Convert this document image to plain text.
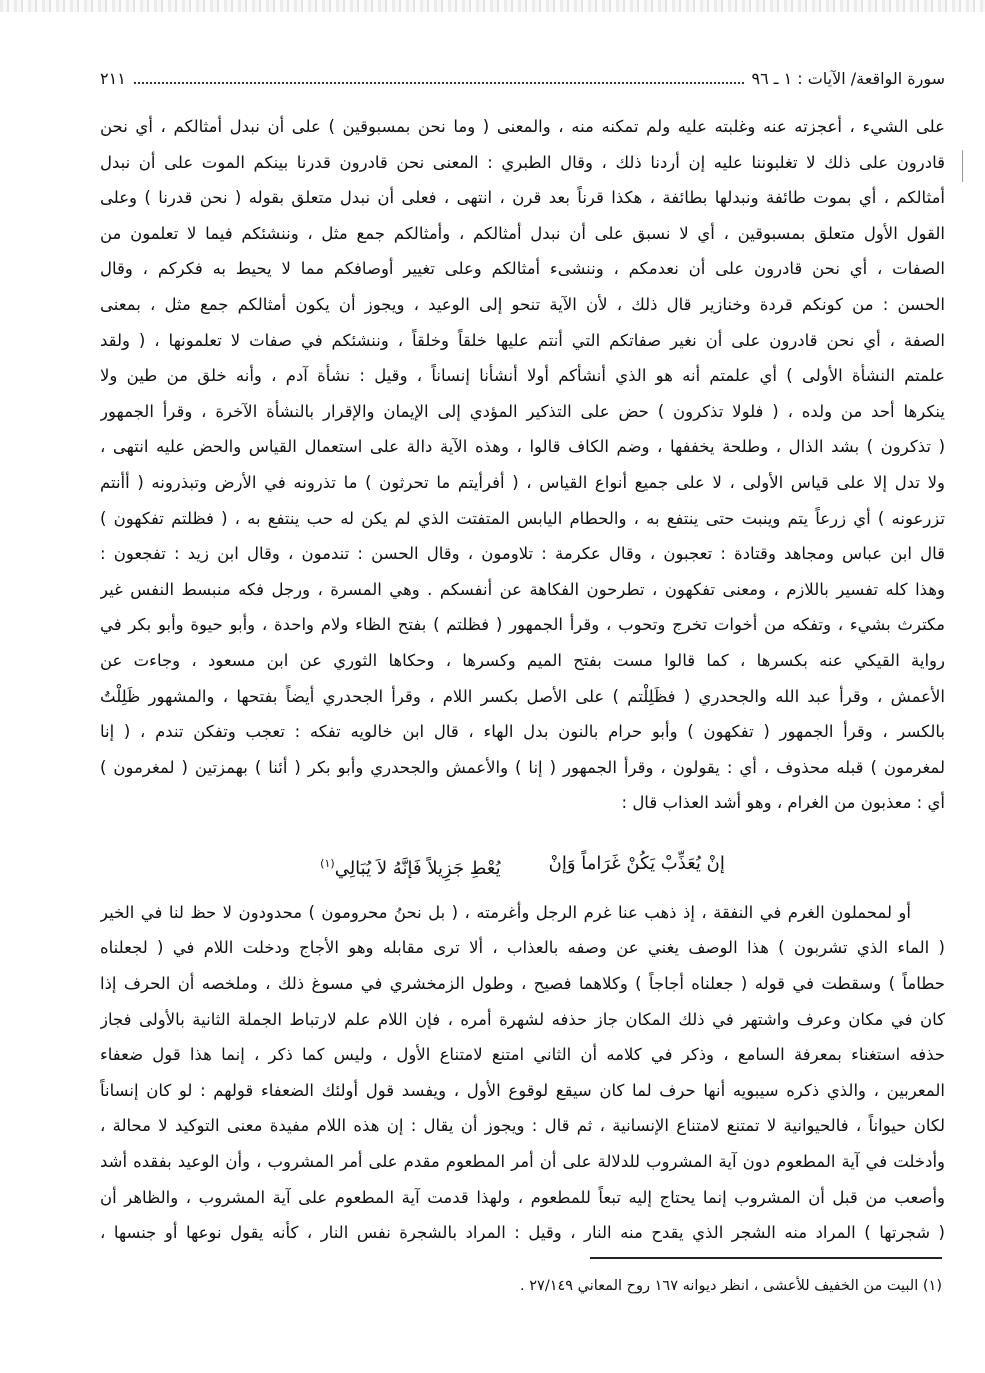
سورة الواقعة/ الآيات : ١ ـ ٩٦
٢١١
على الشيء ، أعجزته عنه وغلبته عليه ولم تمكنه منه ، والمعنى ( وما نحن بمسبوقين ) على أن نبدل أمثالكم ، أي نحن
قادرون على ذلك لا تغلبوننا عليه إن أردنا ذلك ، وقال الطبري : المعنى نحن قادرون قدرنا بينكم الموت على أن نبدل
أمثالكم ، أي بموت طائفة ونبدلها بطائفة ، هكذا قرناً بعد قرن ، انتهى ، فعلى أن نبدل متعلق بقوله ( نحن قدرنا ) وعلى
القول الأول متعلق بمسبوقين ، أي لا نسبق على أن نبدل أمثالكم ، وأمثالكم جمع مثل ، وننشئكم فيما لا تعلمون من
الصفات ، أي نحن قادرون على أن نعدمكم ، وننشىء أمثالكم وعلى تغيير أوصافكم مما لا يحيط به فكركم ، وقال
الحسن : من كونكم قردة وخنازير قال ذلك ، لأن الآية تنحو إلى الوعيد ، ويجوز أن يكون أمثالكم جمع مثل ، بمعنى
الصفة ، أي نحن قادرون على أن نغير صفاتكم التي أنتم عليها خلقاً وخلقاً ، وننشئكم في صفات لا تعلمونها ، ( ولقد
علمتم النشأة الأولى ) أي علمتم أنه هو الذي أنشأكم أولا أنشأنا إنساناً ، وقيل : نشأة آدم ، وأنه خلق من طين ولا
ينكرها أحد من ولده ، ( فلولا تذكرون ) حض على التذكير المؤدي إلى الإيمان والإقرار بالنشأة الآخرة ، وقرأ الجمهور
( تذكرون ) بشد الذال ، وطلحة يخففها ، وضم الكاف قالوا ، وهذه الآية دالة على استعمال القياس والحض عليه انتهى ،
ولا تدل إلا على قياس الأولى ، لا على جميع أنواع القياس ، ( أفرأيتم ما تحرثون ) ما تذرونه في الأرض وتبذرونه ( أأنتم
تزرعونه ) أي زرعاً يتم وينبت حتى ينتفع به ، والحطام اليابس المتفتت الذي لم يكن له حب ينتفع به ، ( فظلتم تفكهون )
قال ابن عباس ومجاهد وقتادة : تعجبون ، وقال عكرمة : تلاومون ، وقال الحسن : تندمون ، وقال ابن زيد : تفجعون :
وهذا كله تفسير باللازم ، ومعنى تفكهون ، تطرحون الفكاهة عن أنفسكم . وهي المسرة ، ورجل فكه منبسط النفس غير
مكترث بشيء ، وتفكه من أخوات تخرج وتحوب ، وقرأ الجمهور ( فظلتم ) بفتح الظاء ولام واحدة ، وأبو حيوة وأبو بكر في
رواية القيكي عنه بكسرها ، كما قالوا مست بفتح الميم وكسرها ، وحكاها الثوري عن ابن مسعود ، وجاءت عن
الأعمش ، وقرأ عبد الله والجحدري ( فظَلِلْتم ) على الأصل بكسر اللام ، وقرأ الجحدري أيضاً بفتحها ، والمشهور ظَلِلْتُ
بالكسر ، وقرأ الجمهور ( تفكهون ) وأبو حرام بالنون بدل الهاء ، قال ابن خالويه تفكه : تعجب وتفكن تندم ، ( إنا
لمغرمون ) قبله محذوف ، أي : يقولون ، وقرأ الجمهور ( إنا ) والأعمش والجحدري وأبو بكر ( أئنا ) بهمزتين ( لمغرمون )
أي : معذبون من الغرام ، وهو أشد العذاب قال :
إنْ يُعَذِّبْ يَكُنْ غَرَاماً وَإنْ
يُعْطِ جَزِيلاً فَإنَّهُ لاَ يُبَالِي$^{(١)}$
أو لمحملون الغرم في النفقة ، إذ ذهب عنا غرم الرجل وأغرمته ، ( بل نحنُ محرومون ) محدودون لا حظ لنا في الخير
( الماء الذي تشربون ) هذا الوصف يغني عن وصفه بالعذاب ، ألا ترى مقابله وهو الأجاج ودخلت اللام في ( لجعلناه
حطاماً ) وسقطت في قوله ( جعلناه أجاجاً ) وكلاهما فصيح ، وطول الزمخشري في مسوغ ذلك ، وملخصه أن الحرف إذا
كان في مكان وعرف واشتهر في ذلك المكان جاز حذفه لشهرة أمره ، فإن اللام علم لارتباط الجملة الثانية بالأولى فجاز
حذفه استغناء بمعرفة السامع ، وذكر في كلامه أن الثاني امتنع لامتناع الأول ، وليس كما ذكر ، إنما هذا قول ضعفاء
المعربين ، والذي ذكره سيبويه أنها حرف لما كان سيقع لوقوع الأول ، ويفسد قول أولئك الضعفاء قولهم : لو كان إنساناً
لكان حيواناً ، فالحيوانية لا تمتنع لامتناع الإنسانية ، ثم قال : ويجوز أن يقال : إن هذه اللام مفيدة معنى التوكيد لا محالة ،
وأدخلت في آية المطعوم دون آية المشروب للدلالة على أن أمر المطعوم مقدم على أمر المشروب ، وأن الوعيد بفقده أشد
وأصعب من قبل أن المشروب إنما يحتاج إليه تبعاً للمطعوم ، ولهذا قدمت آية المطعوم على آية المشروب ، والظاهر أن
( شجرتها ) المراد منه الشجر الذي يقدح منه النار ، وقيل : المراد بالشجرة نفس النار ، كأنه يقول نوعها أو جنسها ،
(١) البيت من الخفيف للأعشى ، انظر ديوانه ١٦٧ روح المعاني ٢٧/١٤٩ .
